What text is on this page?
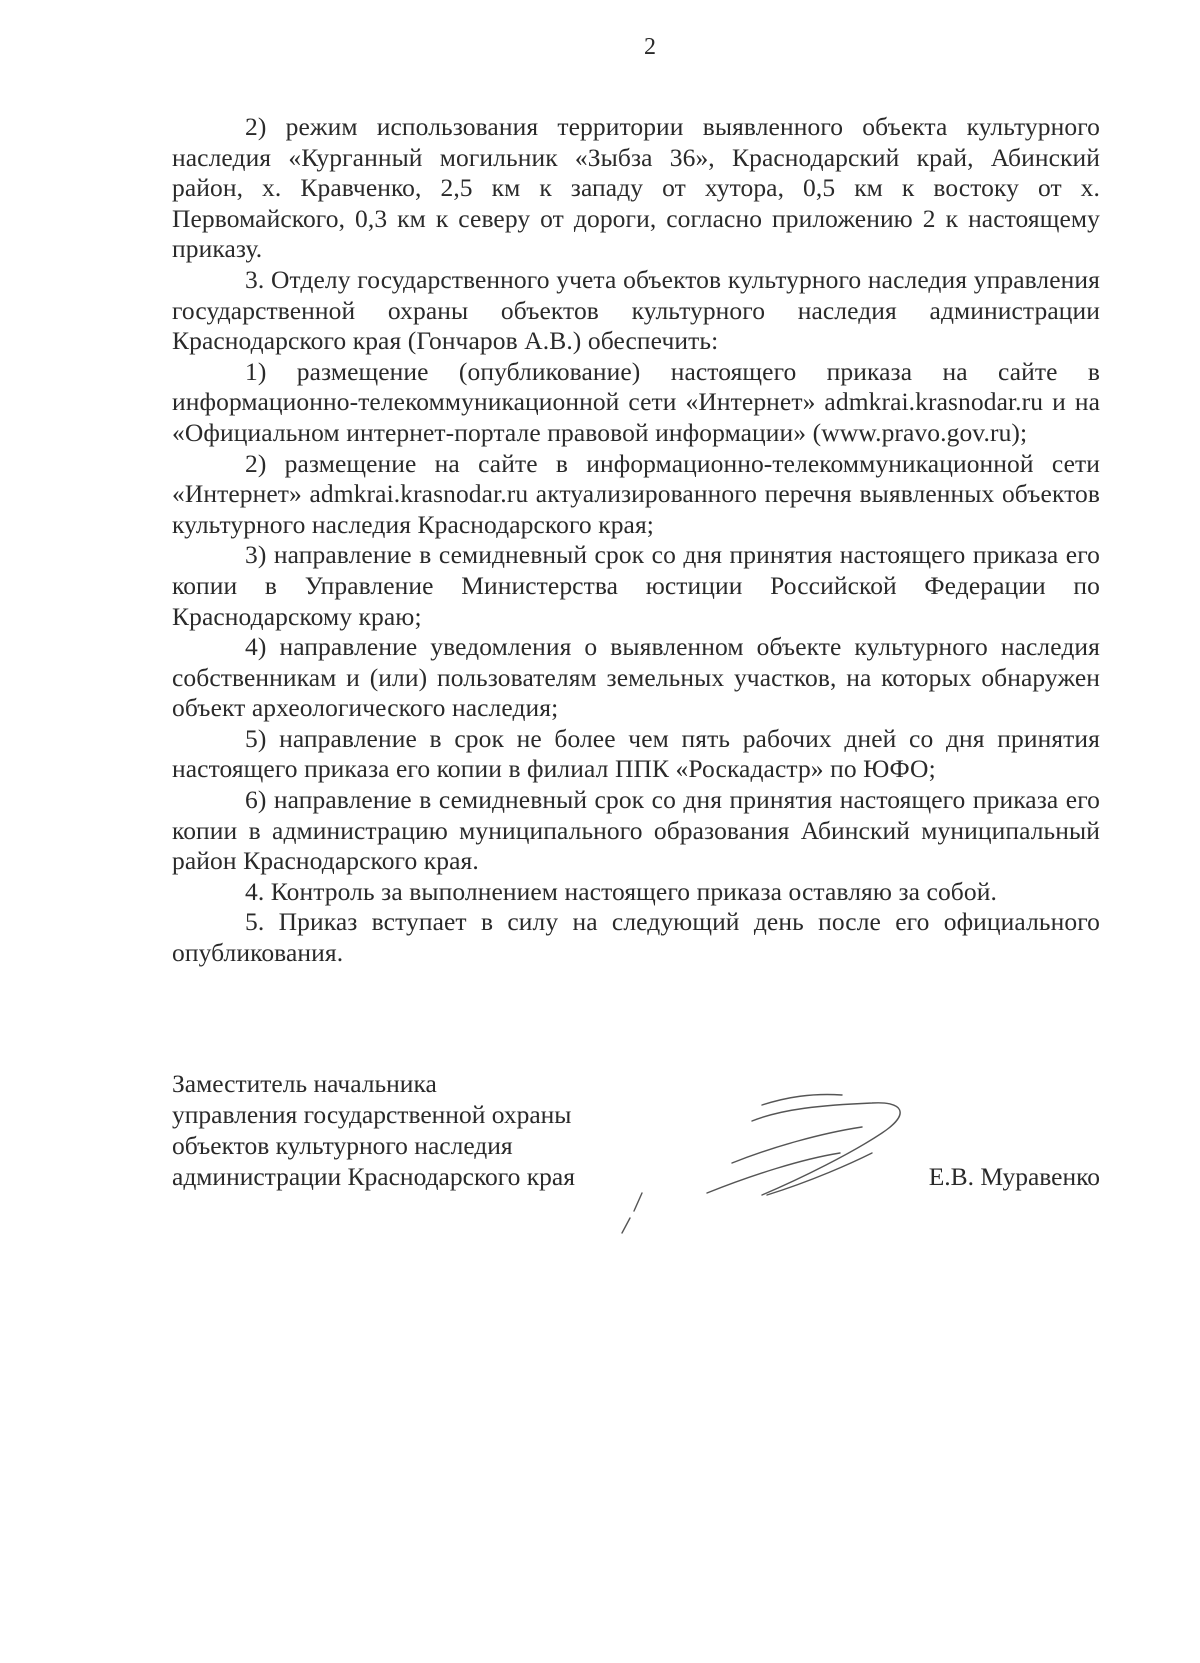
2

2) режим использования территории выявленного объекта культурного наследия «Курганный могильник «Зыбза 36», Краснодарский край, Абинский район, х. Кравченко, 2,5 км к западу от хутора, 0,5 км к востоку от х. Первомайского, 0,3 км к северу от дороги, согласно приложению 2 к настоящему приказу.

3. Отделу государственного учета объектов культурного наследия управления государственной охраны объектов культурного наследия администрации Краснодарского края (Гончаров А.В.) обеспечить:

1) размещение (опубликование) настоящего приказа на сайте в информационно-телекоммуникационной сети «Интернет» admkrai.krasnodar.ru и на «Официальном интернет-портале правовой информации» (www.pravo.gov.ru);

2) размещение на сайте в информационно-телекоммуникационной сети «Интернет» admkrai.krasnodar.ru актуализированного перечня выявленных объектов культурного наследия Краснодарского края;

3) направление в семидневный срок со дня принятия настоящего приказа его копии в Управление Министерства юстиции Российской Федерации по Краснодарскому краю;

4) направление уведомления о выявленном объекте культурного наследия собственникам и (или) пользователям земельных участков, на которых обнаружен объект археологического наследия;

5) направление в срок не более чем пять рабочих дней со дня принятия настоящего приказа его копии в филиал ППК «Роскадастр» по ЮФО;

6) направление в семидневный срок со дня принятия настоящего приказа его копии в администрацию муниципального образования Абинский муниципальный район Краснодарского края.

4. Контроль за выполнением настоящего приказа оставляю за собой.

5. Приказ вступает в силу на следующий день после его официального опубликования.

Заместитель начальника
управления государственной охраны
объектов культурного наследия
администрации Краснодарского края	Е.В. Муравенко
